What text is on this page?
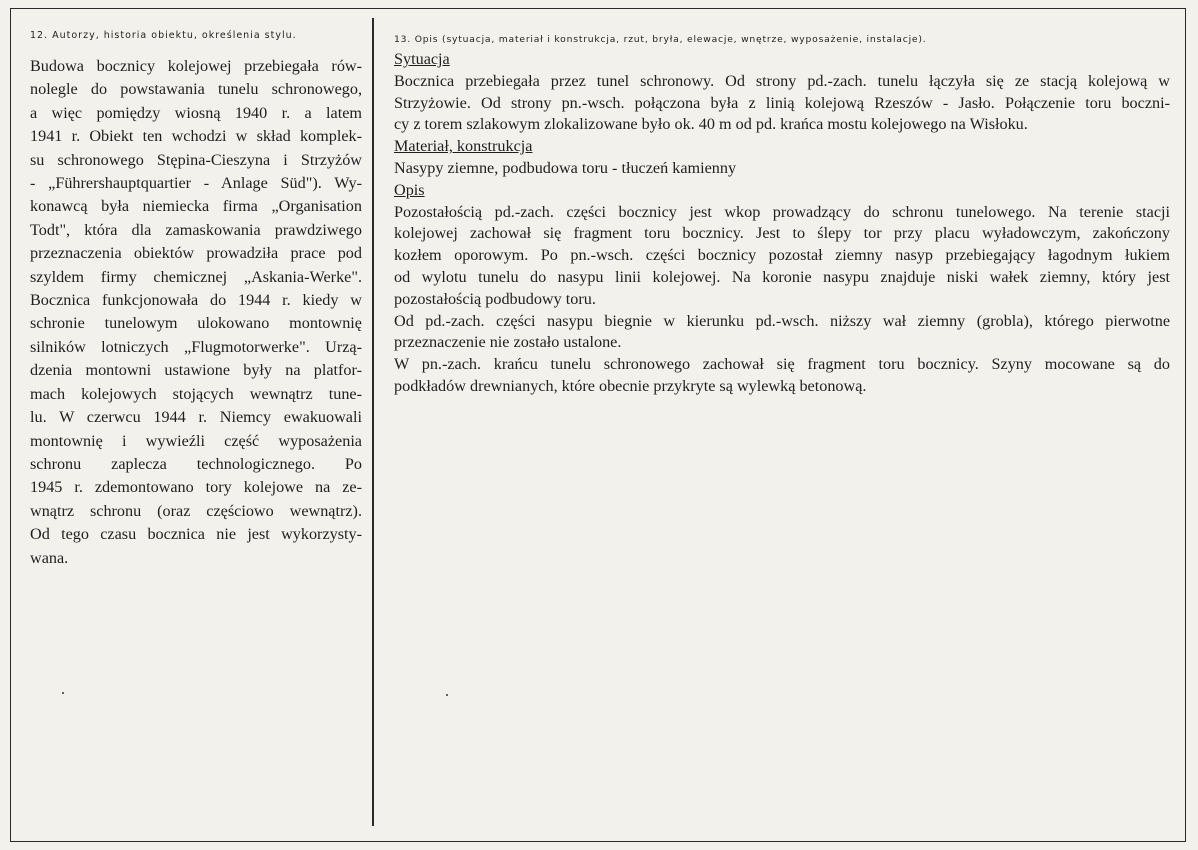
12. Autorzy, historia obiektu, określenia stylu.
Budowa bocznicy kolejowej przebiegała rów-
nolegle do powstawania tunelu schronowego,
a więc pomiędzy wiosną 1940 r. a latem
1941 r. Obiekt ten wchodzi w skład komplek-
su schronowego Stępina-Cieszyna i Strzyżów
- „Führershauptquartier - Anlage Süd"). Wy-
konawcą była niemiecka firma „Organisation
Todt", która dla zamaskowania prawdziwego
przeznaczenia obiektów prowadziła prace pod
szyldem firmy chemicznej „Askania-Werke".
Bocznica funkcjonowała do 1944 r. kiedy w
schronie tunelowym ulokowano montownię
silników lotniczych „Flugmotorwerke". Urzą-
dzenia montowni ustawione były na platfor-
mach kolejowych stojących wewnątrz tune-
lu. W czerwcu 1944 r. Niemcy ewakuowali
montownię i wywieźli część wyposażenia
schronu zaplecza technologicznego. Po
1945 r. zdemontowano tory kolejowe na ze-
wnątrz schronu (oraz częściowo wewnątrz).
Od tego czasu bocznica nie jest wykorzysty-
wana.
13. Opis (sytuacja, materiał i konstrukcja, rzut, bryła, elewacje, wnętrze, wyposażenie, instalacje).
Sytuacja
Bocznica przebiegała przez tunel schronowy. Od strony pd.-zach. tunelu łączyła się ze stacją kolejową w
Strzyżowie. Od strony pn.-wsch. połączona była z linią kolejową Rzeszów - Jasło. Połączenie toru boczni-
cy z torem szlakowym zlokalizowane było ok. 40 m od pd. krańca mostu kolejowego na Wisłoku.
Materiał, konstrukcja
Nasypy ziemne, podbudowa toru - tłuczeń kamienny
Opis
Pozostałością pd.-zach. części bocznicy jest wkop prowadzący do schronu tunelowego. Na terenie stacji
kolejowej zachował się fragment toru bocznicy. Jest to ślepy tor przy placu wyładowczym, zakończony
kozłem oporowym. Po pn.-wsch. części bocznicy pozostał ziemny nasyp przebiegający łagodnym łukiem
od wylotu tunelu do nasypu linii kolejowej. Na koronie nasypu znajduje niski wałek ziemny, który jest
pozostałością podbudowy toru.
Od pd.-zach. części nasypu biegnie w kierunku pd.-wsch. niższy wał ziemny (grobla), którego pierwotne
przeznaczenie nie zostało ustalone.
W pn.-zach. krańcu tunelu schronowego zachował się fragment toru bocznicy. Szyny mocowane są do
podkładów drewnianych, które obecnie przykryte są wylewką betonową.
